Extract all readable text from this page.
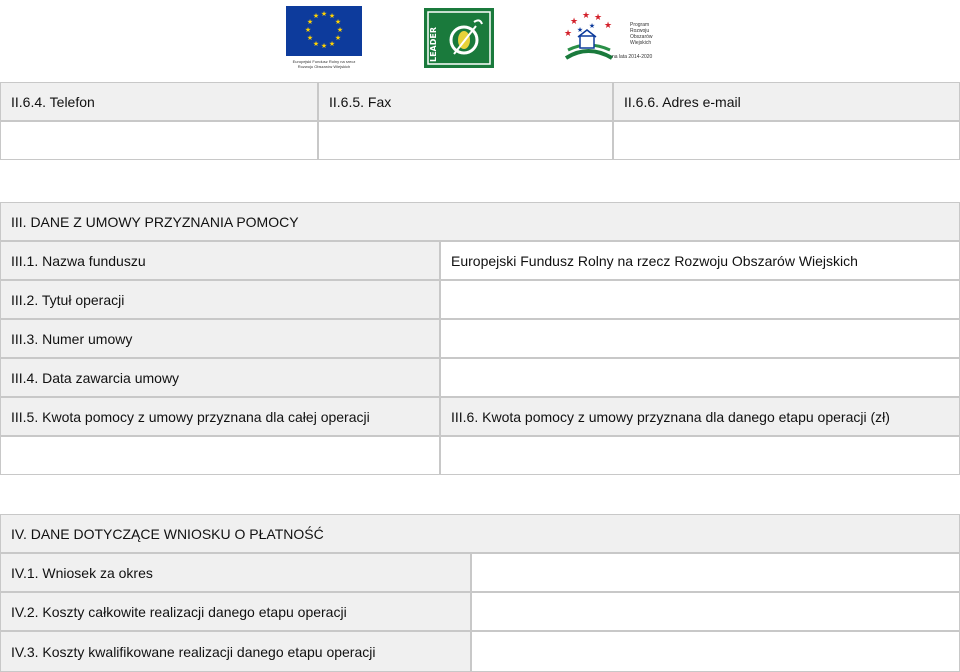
★ ★
★
★
★
★
★
★
★
★
★
★
Europejski Fundusz Rolny na rzecz
Rozwoju Obszarów Wiejskich
LEADER	★
★
★ ★
★
★ ★	Program
Rozwoju
Obszarów
Wiejskich
na lata 2014-2020
II.6.4. Telefon	II.6.5. Fax	II.6.6. Adres e-mail
III. DANE Z UMOWY PRZYZNANIA POMOCY
III.1. Nazwa funduszu	Europejski Fundusz Rolny na rzecz Rozwoju Obszarów Wiejskich
III.2. Tytuł operacji
III.3. Numer umowy
III.4. Data zawarcia umowy
III.5. Kwota pomocy z umowy przyznana dla całej operacji	III.6. Kwota pomocy z umowy przyznana dla danego etapu operacji (zł)
IV. DANE DOTYCZĄCE WNIOSKU O PŁATNOŚĆ
IV.1. Wniosek za okres
IV.2. Koszty całkowite realizacji danego etapu operacji
IV.3. Koszty kwalifikowane realizacji danego etapu operacji
